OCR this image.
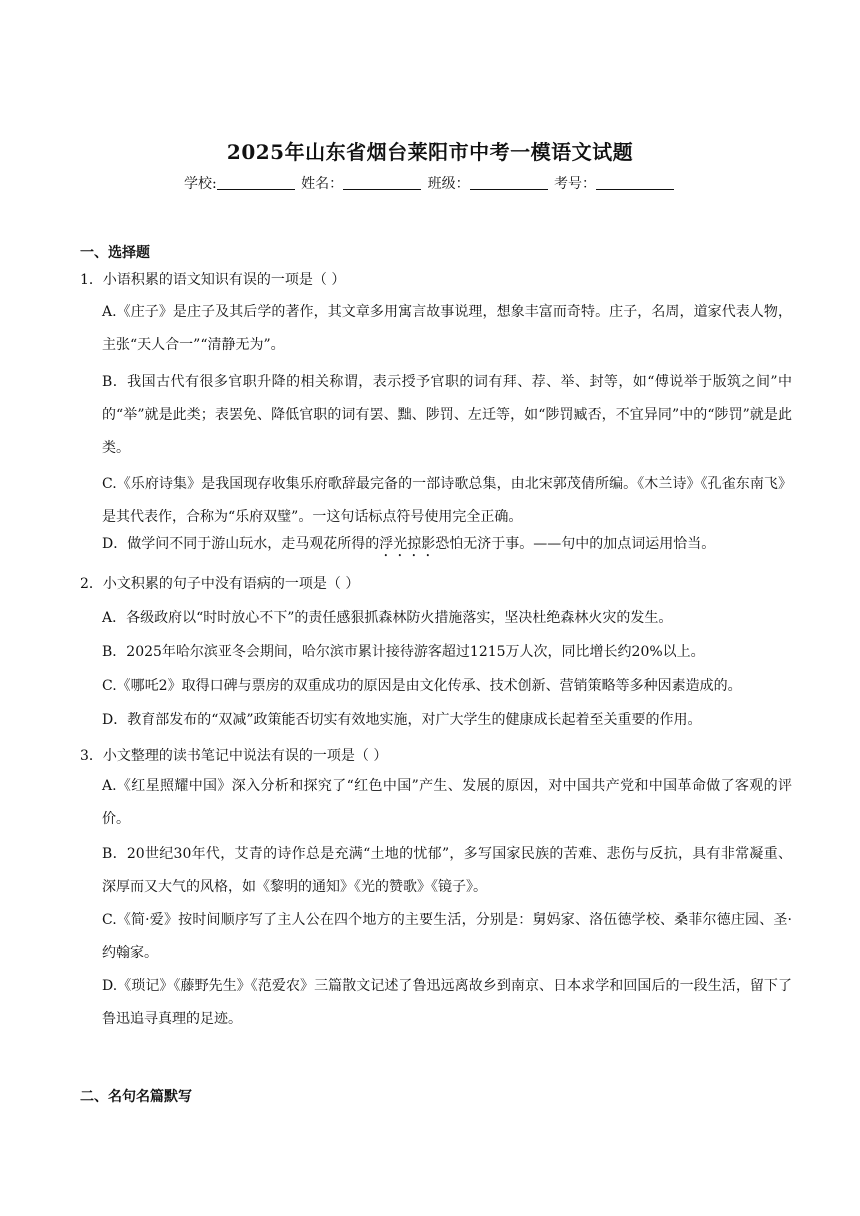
2025年山东省烟台莱阳市中考一模语文试题
学校:	姓名：	班级：	考号：
一、选择题
1．小语积累的语文知识有误的一项是（ ）
A.《庄子》是庄子及其后学的著作，其文章多用寓言故事说理，想象丰富而奇特。庄子，名周，道家代表人物，主张“天人合一”“清静无为”。
B．我国古代有很多官职升降的相关称谓，表示授予官职的词有拜、荐、举、封等，如“傅说举于版筑之间”中的“举”就是此类；表罢免、降低官职的词有罢、黜、陟罚、左迁等，如“陟罚臧否，不宜异同”中的“陟罚”就是此类。
C.《乐府诗集》是我国现存收集乐府歌辞最完备的一部诗歌总集，由北宋郭茂倩所编。《木兰诗》《孔雀东南飞》是其代表作，合称为“乐府双璧”。一这句话标点符号使用完全正确。
D．做学问不同于游山玩水，走马观花所得的浮光掠影恐怕无济于事。——句中的加点词运用恰当。
2．小文积累的句子中没有语病的一项是（ ）
A．各级政府以“时时放心不下”的责任感狠抓森林防火措施落实，坚决杜绝森林火灾的发生。
B．2025年哈尔滨亚冬会期间，哈尔滨市累计接待游客超过1215万人次，同比增长约20%以上。
C.《哪吒2》取得口碑与票房的双重成功的原因是由文化传承、技术创新、营销策略等多种因素造成的。
D．教育部发布的“双减”政策能否切实有效地实施，对广大学生的健康成长起着至关重要的作用。
3．小文整理的读书笔记中说法有误的一项是（ ）
A.《红星照耀中国》深入分析和探究了“红色中国”产生、发展的原因，对中国共产党和中国革命做了客观的评价。
B．20世纪30年代，艾青的诗作总是充满“土地的忧郁”，多写国家民族的苦难、悲伤与反抗，具有非常凝重、深厚而又大气的风格，如《黎明的通知》《光的赞歌》《镜子》。
C.《简·爱》按时间顺序写了主人公在四个地方的主要生活，分别是：舅妈家、洛伍德学校、桑菲尔德庄园、圣·约翰家。
D.《琐记》《藤野先生》《范爱农》三篇散文记述了鲁迅远离故乡到南京、日本求学和回国后的一段生活，留下了鲁迅追寻真理的足迹。
二、名句名篇默写
